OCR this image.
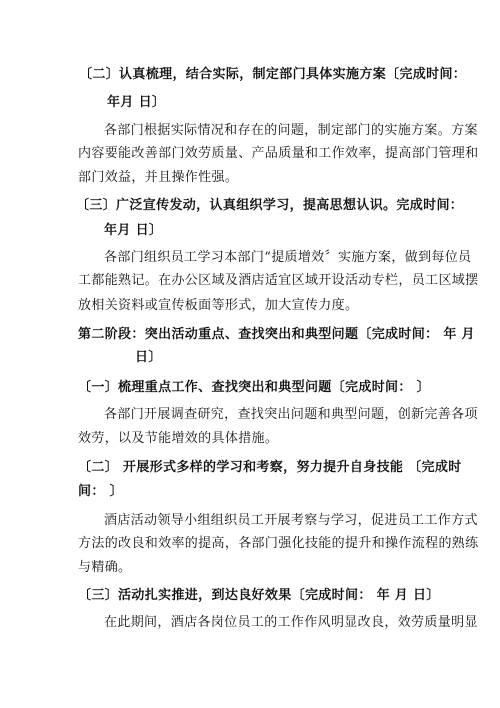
〔二〕认真梳理，结合实际，制定部门具体实施方案〔完成时间：
年月 日〕
各部门根据实际情况和存在的问题，制定部门的实施方案。方案
内容要能改善部门效劳质量、产品质量和工作效率，提高部门管理和
部门效益，并且操作性强。
〔三〕广泛宣传发动，认真组织学习，提高思想认识。完成时间：
年月 日〕
各部门组织员工学习本部门“提质增效〞实施方案，做到每位员
工都能熟记。在办公区域及酒店适宜区域开设活动专栏，员工区域摆
放相关资料或宣传板面等形式，加大宣传力度。
第二阶段：突出活动重点、查找突出和典型问题〔完成时间： 年 月
日〕
〔一〕梳理重点工作、查找突出和典型问题〔完成时间： 〕
各部门开展调查研究，查找突出问题和典型问题，创新完善各项
效劳，以及节能增效的具体措施。
〔二〕 开展形式多样的学习和考察，努力提升自身技能 〔完成时
间： 〕
酒店活动领导小组组织员工开展考察与学习，促进员工工作方式
方法的改良和效率的提高，各部门强化技能的提升和操作流程的熟练
与精确。
〔三〕活动扎实推进，到达良好效果〔完成时间： 年 月 日〕
在此期间，酒店各岗位员工的工作作风明显改良，效劳质量明显
